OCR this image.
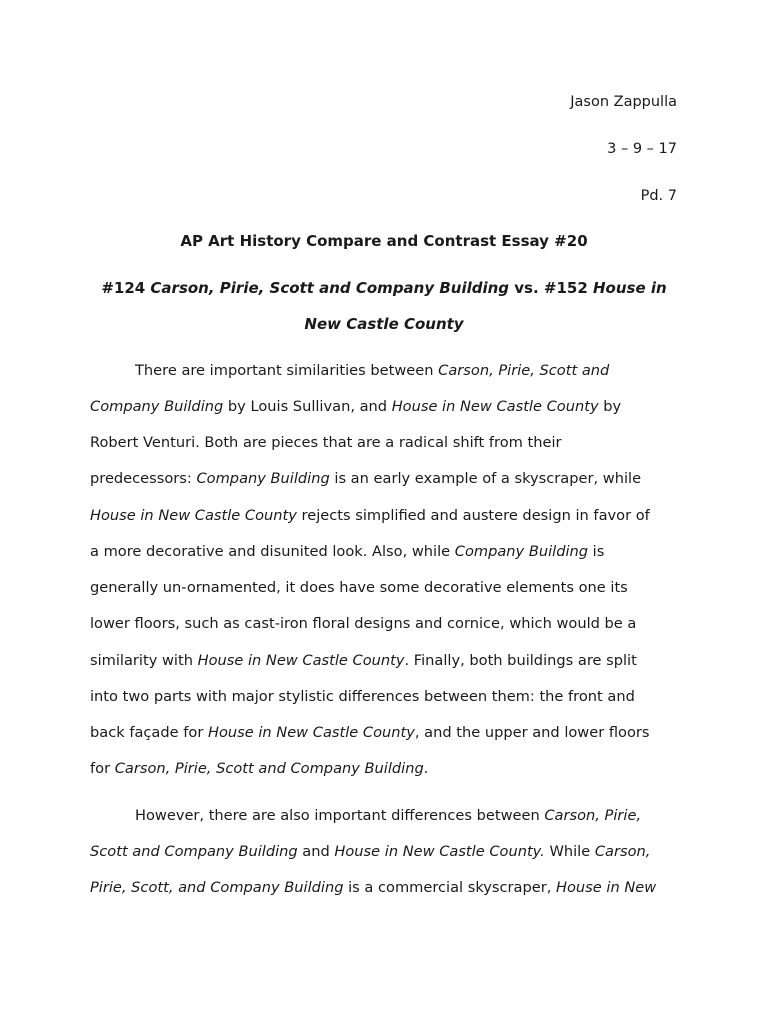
Jason Zappulla
3 – 9 – 17
Pd. 7
AP Art History Compare and Contrast Essay #20
#124 Carson, Pirie, Scott and Company Building vs. #152 House in
New Castle County
There are important similarities between Carson, Pirie, Scott and
Company Building by Louis Sullivan, and House in New Castle County by
Robert Venturi. Both are pieces that are a radical shift from their
predecessors: Company Building is an early example of a skyscraper, while
House in New Castle County rejects simplified and austere design in favor of
a more decorative and disunited look. Also, while Company Building is
generally un-ornamented, it does have some decorative elements one its
lower floors, such as cast-iron floral designs and cornice, which would be a
similarity with House in New Castle County. Finally, both buildings are split
into two parts with major stylistic differences between them: the front and
back façade for House in New Castle County, and the upper and lower floors
for Carson, Pirie, Scott and Company Building.
However, there are also important differences between Carson, Pirie,
Scott and Company Building and House in New Castle County. While Carson,
Pirie, Scott, and Company Building is a commercial skyscraper, House in New
